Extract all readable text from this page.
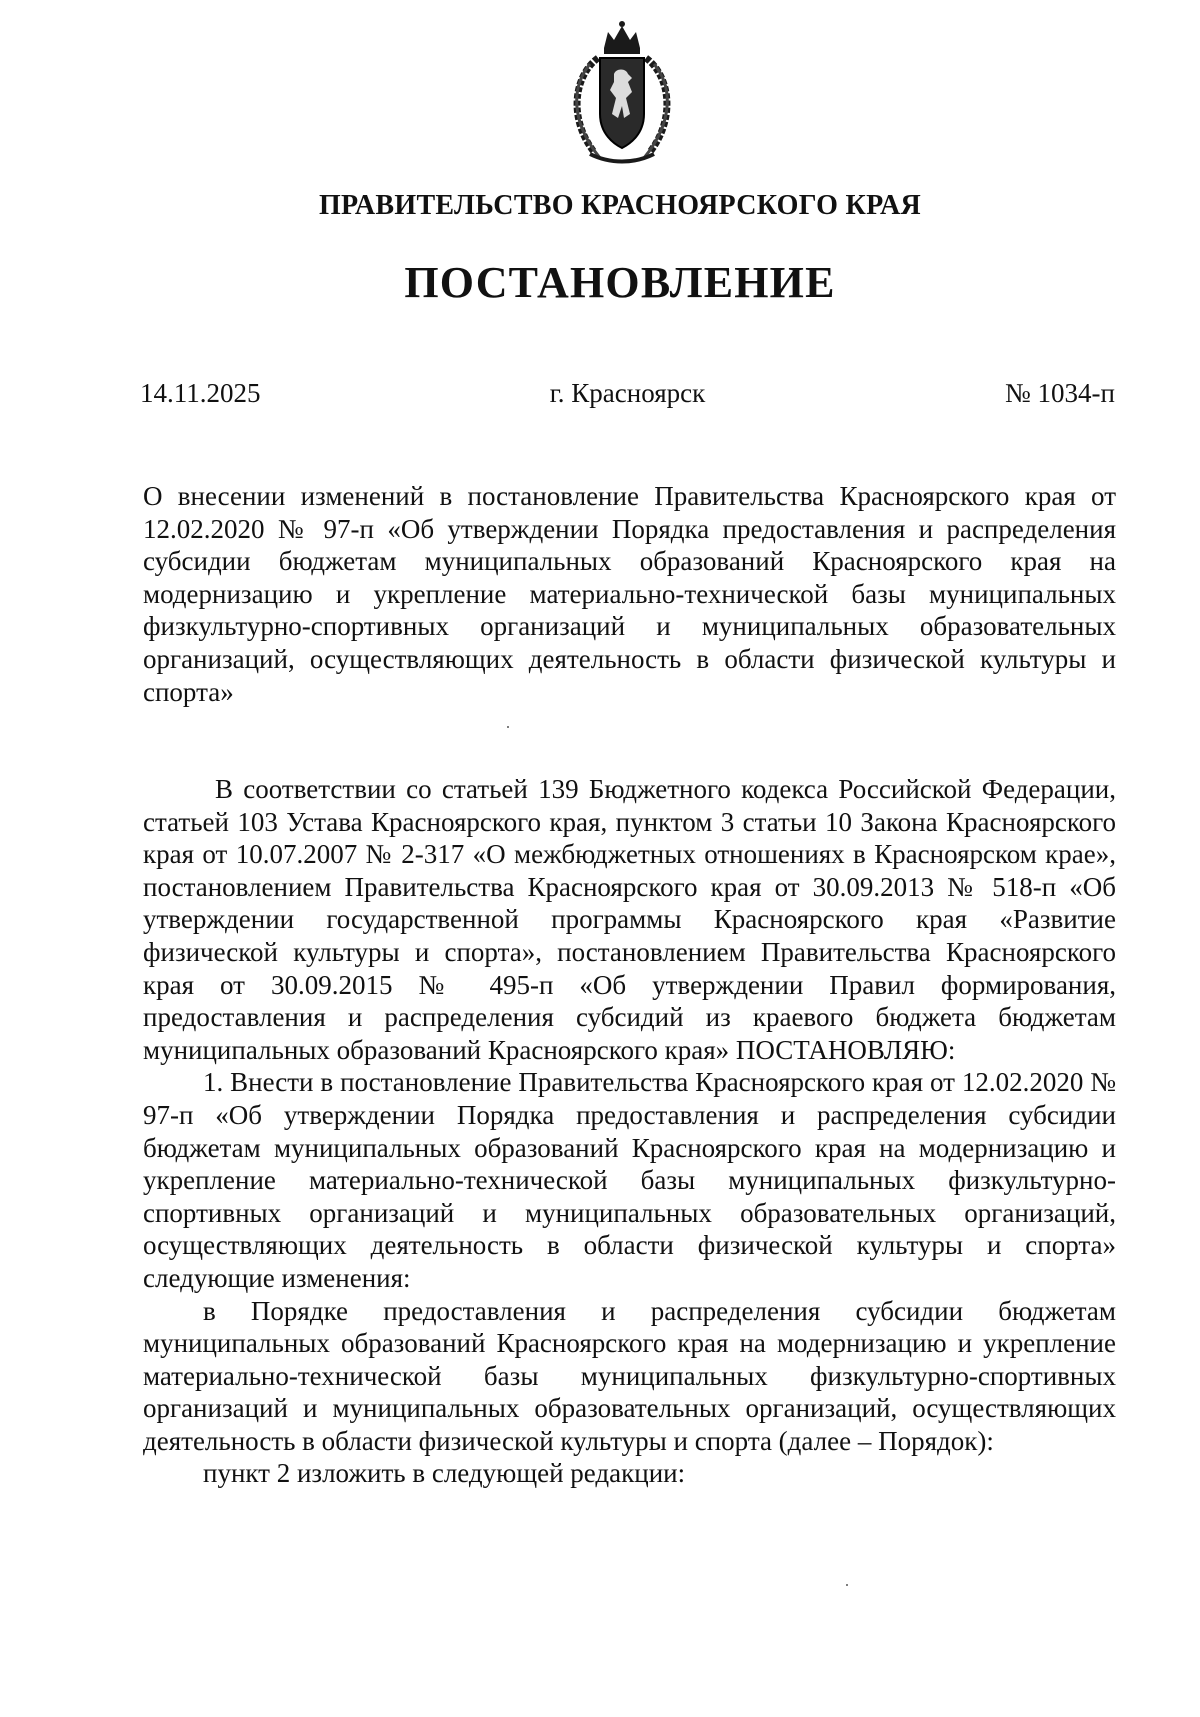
ПРАВИТЕЛЬСТВО КРАСНОЯРСКОГО КРАЯ
ПОСТАНОВЛЕНИЕ
14.11.2025	г. Красноярск	№ 1034-п

О внесении изменений в постановление Правительства Красноярского края от 12.02.2020 № 97-п «Об утверждении Порядка предоставления и распределения субсидии бюджетам муниципальных образований Красноярского края на модернизацию и укрепление материально-технической базы муниципальных физкультурно-спортивных организаций и муниципальных образовательных организаций, осуществляющих деятельность в области физической культуры и спорта»

В соответствии со статьей 139 Бюджетного кодекса Российской Федерации, статьей 103 Устава Красноярского края, пунктом 3 статьи 10 Закона Красноярского края от 10.07.2007 № 2-317 «О межбюджетных отношениях в Красноярском крае», постановлением Правительства Красноярского края от 30.09.2013 № 518-п «Об утверждении государственной программы Красноярского края «Развитие физической культуры и спорта», постановлением Правительства Красноярского края от 30.09.2015 № 495-п «Об утверждении Правил формирования, предоставления и распределения субсидий из краевого бюджета бюджетам муниципальных образований Красноярского края» ПОСТАНОВЛЯЮ:

1. Внести в постановление Правительства Красноярского края от 12.02.2020 № 97-п «Об утверждении Порядка предоставления и распределения субсидии бюджетам муниципальных образований Красноярского края на модернизацию и укрепление материально-технической базы муниципальных физкультурно-спортивных организаций и муниципальных образовательных организаций, осуществляющих деятельность в области физической культуры и спорта» следующие изменения:

в Порядке предоставления и распределения субсидии бюджетам муниципальных образований Красноярского края на модернизацию и укрепление материально-технической базы муниципальных физкультурно-спортивных организаций и муниципальных образовательных организаций, осуществляющих деятельность в области физической культуры и спорта (далее – Порядок):

пункт 2 изложить в следующей редакции:
